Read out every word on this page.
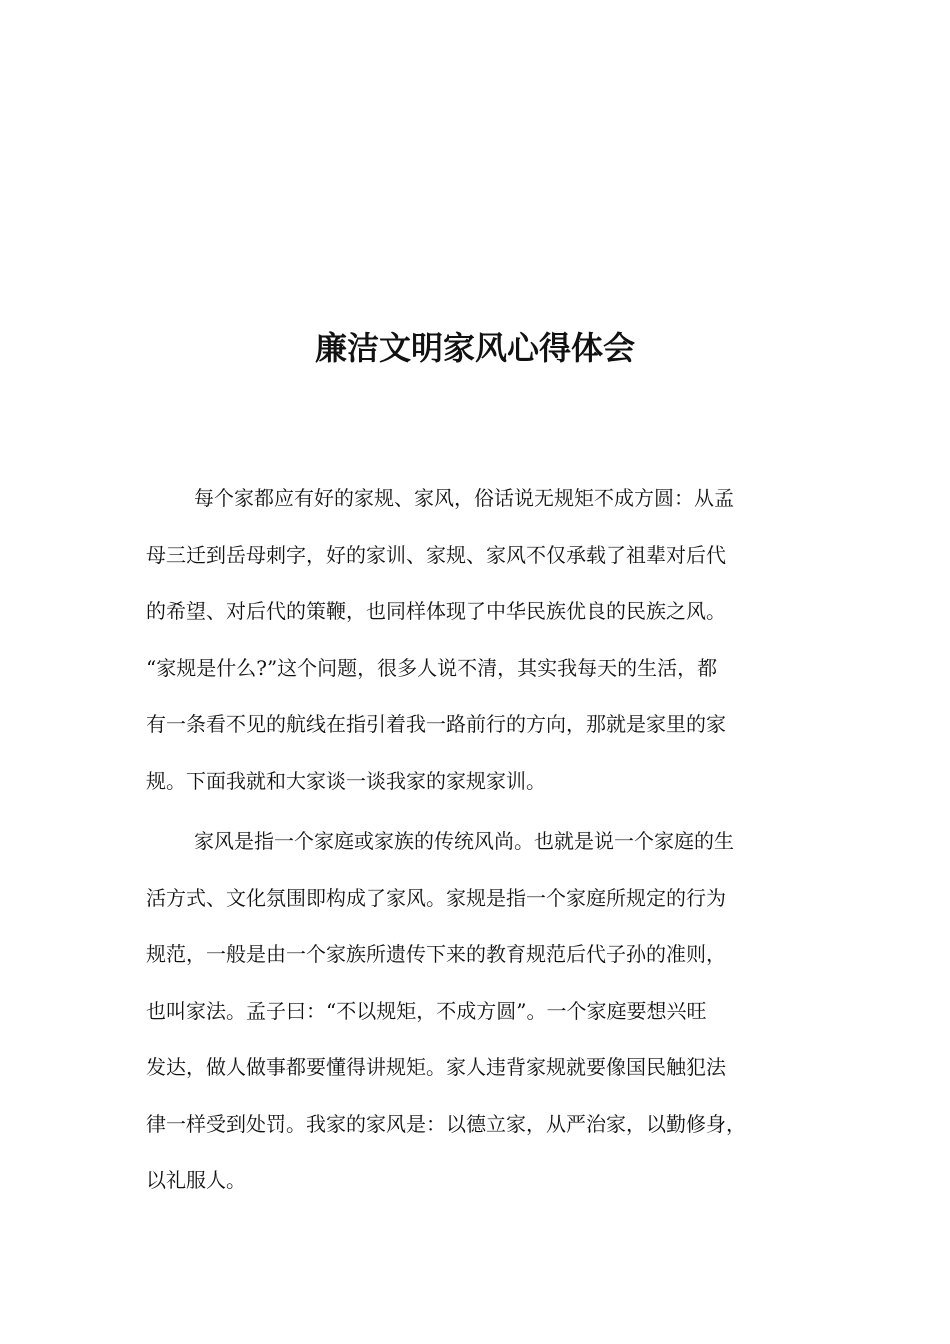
廉洁文明家风心得体会

每个家都应有好的家规、家风，俗话说无规矩不成方圆：从孟
母三迁到岳母刺字，好的家训、家规、家风不仅承载了祖辈对后代
的希望、对后代的策鞭，也同样体现了中华民族优良的民族之风。
“家规是什么?”这个问题，很多人说不清，其实我每天的生活，都
有一条看不见的航线在指引着我一路前行的方向，那就是家里的家
规。下面我就和大家谈一谈我家的家规家训。

家风是指一个家庭或家族的传统风尚。也就是说一个家庭的生
活方式、文化氛围即构成了家风。家规是指一个家庭所规定的行为
规范，一般是由一个家族所遗传下来的教育规范后代子孙的准则，
也叫家法。孟子曰：“不以规矩，不成方圆”。一个家庭要想兴旺
发达，做人做事都要懂得讲规矩。家人违背家规就要像国民触犯法
律一样受到处罚。我家的家风是：以德立家，从严治家，以勤修身，
以礼服人。
